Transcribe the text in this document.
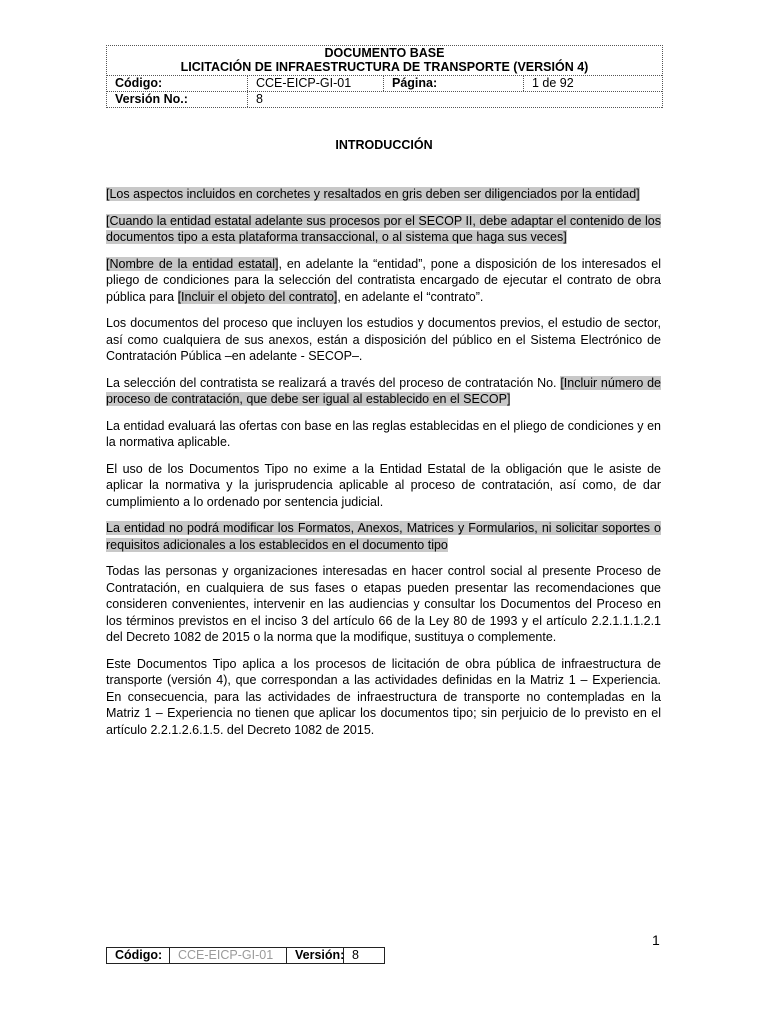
DOCUMENTO BASE
LICITACIÓN DE INFRAESTRUCTURA DE TRANSPORTE (VERSIÓN 4)
Código:	CCE-EICP-GI-01	Página:	1 de 92
Versión No.:	8
INTRODUCCIÓN

[Los aspectos incluidos en corchetes y resaltados en gris deben ser diligenciados por la entidad]

[Cuando la entidad estatal adelante sus procesos por el SECOP II, debe adaptar el contenido de los documentos tipo a esta plataforma transaccional, o al sistema que haga sus veces]

[Nombre de la entidad estatal], en adelante la “entidad”, pone a disposición de los interesados el pliego de condiciones para la selección del contratista encargado de ejecutar el contrato de obra pública para [Incluir el objeto del contrato], en adelante el “contrato”.

Los documentos del proceso que incluyen los estudios y documentos previos, el estudio de sector, así como cualquiera de sus anexos, están a disposición del público en el Sistema Electrónico de Contratación Pública –en adelante - SECOP–.

La selección del contratista se realizará a través del proceso de contratación No. [Incluir número de proceso de contratación, que debe ser igual al establecido en el SECOP]

La entidad evaluará las ofertas con base en las reglas establecidas en el pliego de condiciones y en la normativa aplicable.

El uso de los Documentos Tipo no exime a la Entidad Estatal de la obligación que le asiste de aplicar la normativa y la jurisprudencia aplicable al proceso de contratación, así como, de dar cumplimiento a lo ordenado por sentencia judicial.

La entidad no podrá modificar los Formatos, Anexos, Matrices y Formularios, ni solicitar soportes o requisitos adicionales a los establecidos en el documento tipo

Todas las personas y organizaciones interesadas en hacer control social al presente Proceso de Contratación, en cualquiera de sus fases o etapas pueden presentar las recomendaciones que consideren convenientes, intervenir en las audiencias y consultar los Documentos del Proceso en los términos previstos en el inciso 3 del artículo 66 de la Ley 80 de 1993 y el artículo 2.2.1.1.1.2.1 del Decreto 1082 de 2015 o la norma que la modifique, sustituya o complemente.

Este Documentos Tipo aplica a los procesos de licitación de obra pública de infraestructura de transporte (versión 4), que correspondan a las actividades definidas en la Matriz 1 – Experiencia. En consecuencia, para las actividades de infraestructura de transporte no contempladas en la Matriz 1 – Experiencia no tienen que aplicar los documentos tipo; sin perjuicio de lo previsto en el artículo 2.2.1.2.6.1.5. del Decreto 1082 de 2015.

1
Código:	CCE-EICP-GI-01	Versión: 8
